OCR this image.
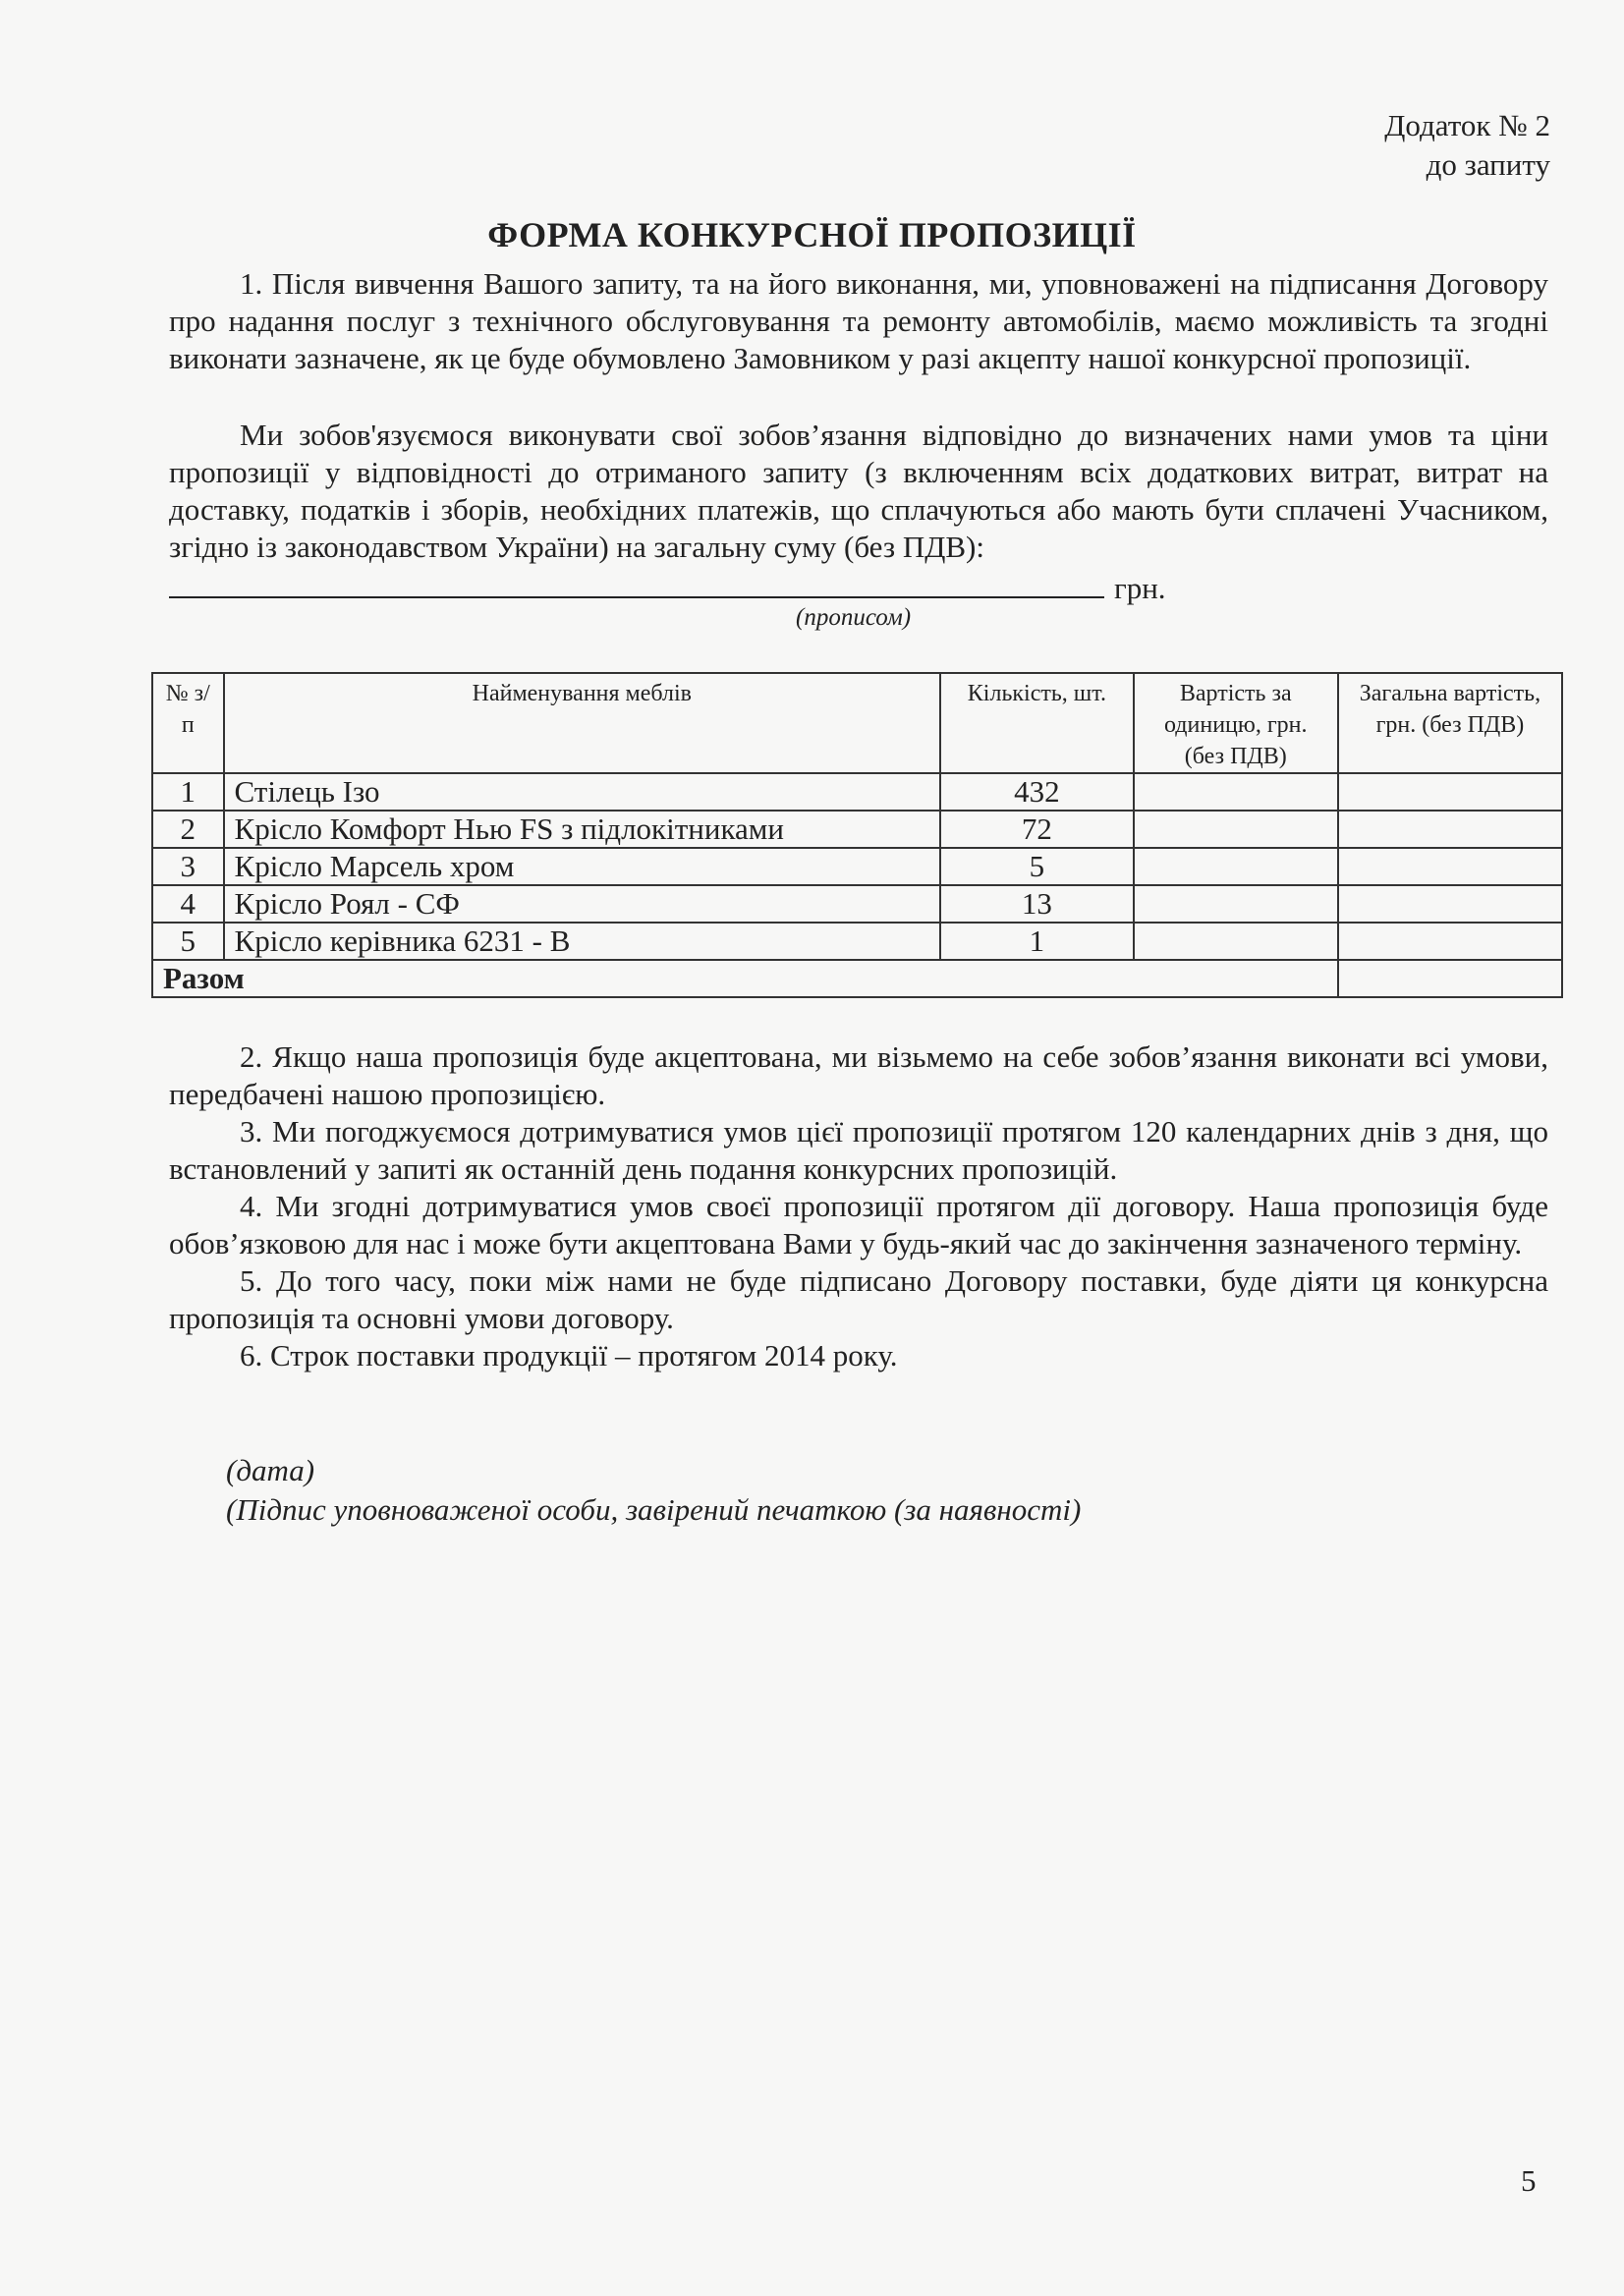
Додаток № 2
до запиту
ФОРМА КОНКУРСНОЇ ПРОПОЗИЦІЇ
1. Після вивчення Вашого запиту, та на його виконання, ми, уповноважені на підписання Договору про надання послуг з технічного обслуговування та ремонту автомобілів, маємо можливість та згодні виконати зазначене, як це буде обумовлено Замовником у разі акцепту нашої конкурсної пропозиції.
Ми зобов'язуємося виконувати свої зобов’язання відповідно до визначених нами умов та ціни пропозиції у відповідності до отриманого запиту (з включенням всіх додаткових витрат, витрат на доставку, податків і зборів, необхідних платежів, що сплачуються або мають бути сплачені Учасником, згідно із законодавством України) на загальну суму (без ПДВ):
грн.
(прописом)
№ з/п	Найменування меблів	Кількість, шт.	Вартість за одиницю, грн. (без ПДВ)	Загальна вартість, грн. (без ПДВ)
1	Стілець Ізо	432		
2	Крісло Комфорт Нью FS з підлокітниками	72		
3	Крісло Марсель хром	5		
4	Крісло Роял - СФ	13		
5	Крісло керівника 6231 - В	1		
Разом				

2. Якщо наша пропозиція буде акцептована, ми візьмемо на себе зобов’язання виконати всі умови, передбачені нашою пропозицією.

3. Ми погоджуємося дотримуватися умов цієї пропозиції протягом 120 календарних днів з дня, що встановлений у запиті як останній день подання конкурсних пропозицій.

4. Ми згодні дотримуватися умов своєї пропозиції протягом дії договору. Наша пропозиція буде обов’язковою для нас і може бути акцептована Вами у будь-який час до закінчення зазначеного терміну.

5. До того часу, поки між нами не буде підписано Договору поставки, буде діяти ця конкурсна пропозиція та основні умови договору.

6. Строк поставки продукції – протягом 2014 року.

(дата)
(Підпис уповноваженої особи, завірений печаткою (за наявності)
5
